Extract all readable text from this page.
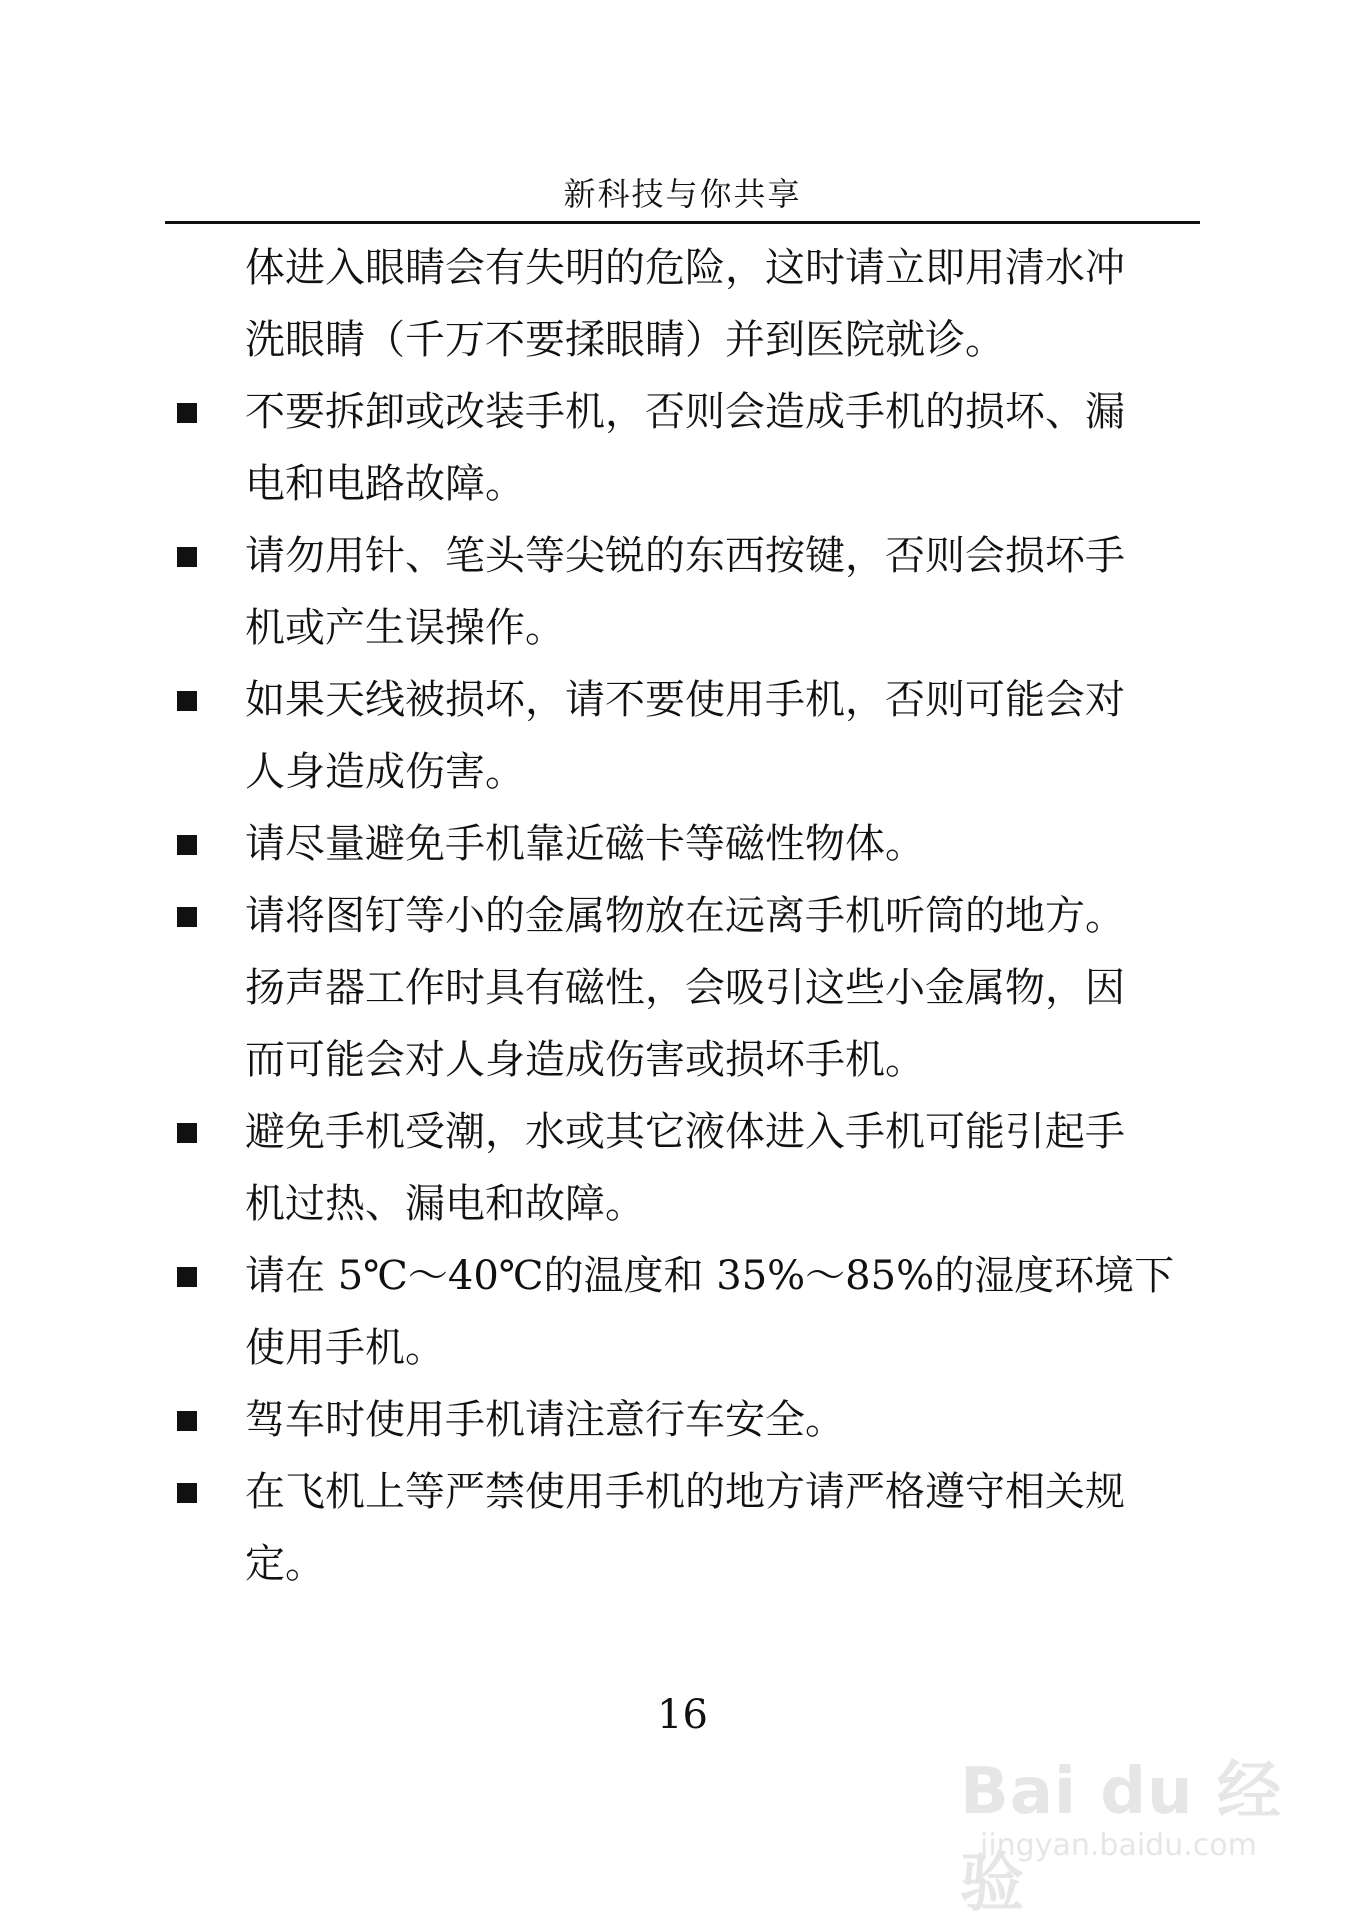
新科技与你共享
体进入眼睛会有失明的危险，这时请立即用清水冲
洗眼睛（千万不要揉眼睛）并到医院就诊。
不要拆卸或改装手机，否则会造成手机的损坏、漏
电和电路故障。
请勿用针、笔头等尖锐的东西按键，否则会损坏手
机或产生误操作。
如果天线被损坏，请不要使用手机，否则可能会对
人身造成伤害。
请尽量避免手机靠近磁卡等磁性物体。
请将图钉等小的金属物放在远离手机听筒的地方。
扬声器工作时具有磁性，会吸引这些小金属物，因
而可能会对人身造成伤害或损坏手机。
避免手机受潮，水或其它液体进入手机可能引起手
机过热、漏电和故障。
请在 5℃～40℃的温度和 35%～85%的湿度环境下
使用手机。
驾车时使用手机请注意行车安全。
在飞机上等严禁使用手机的地方请严格遵守相关规
定。
16
Bai du 经验
jingyan.baidu.com
